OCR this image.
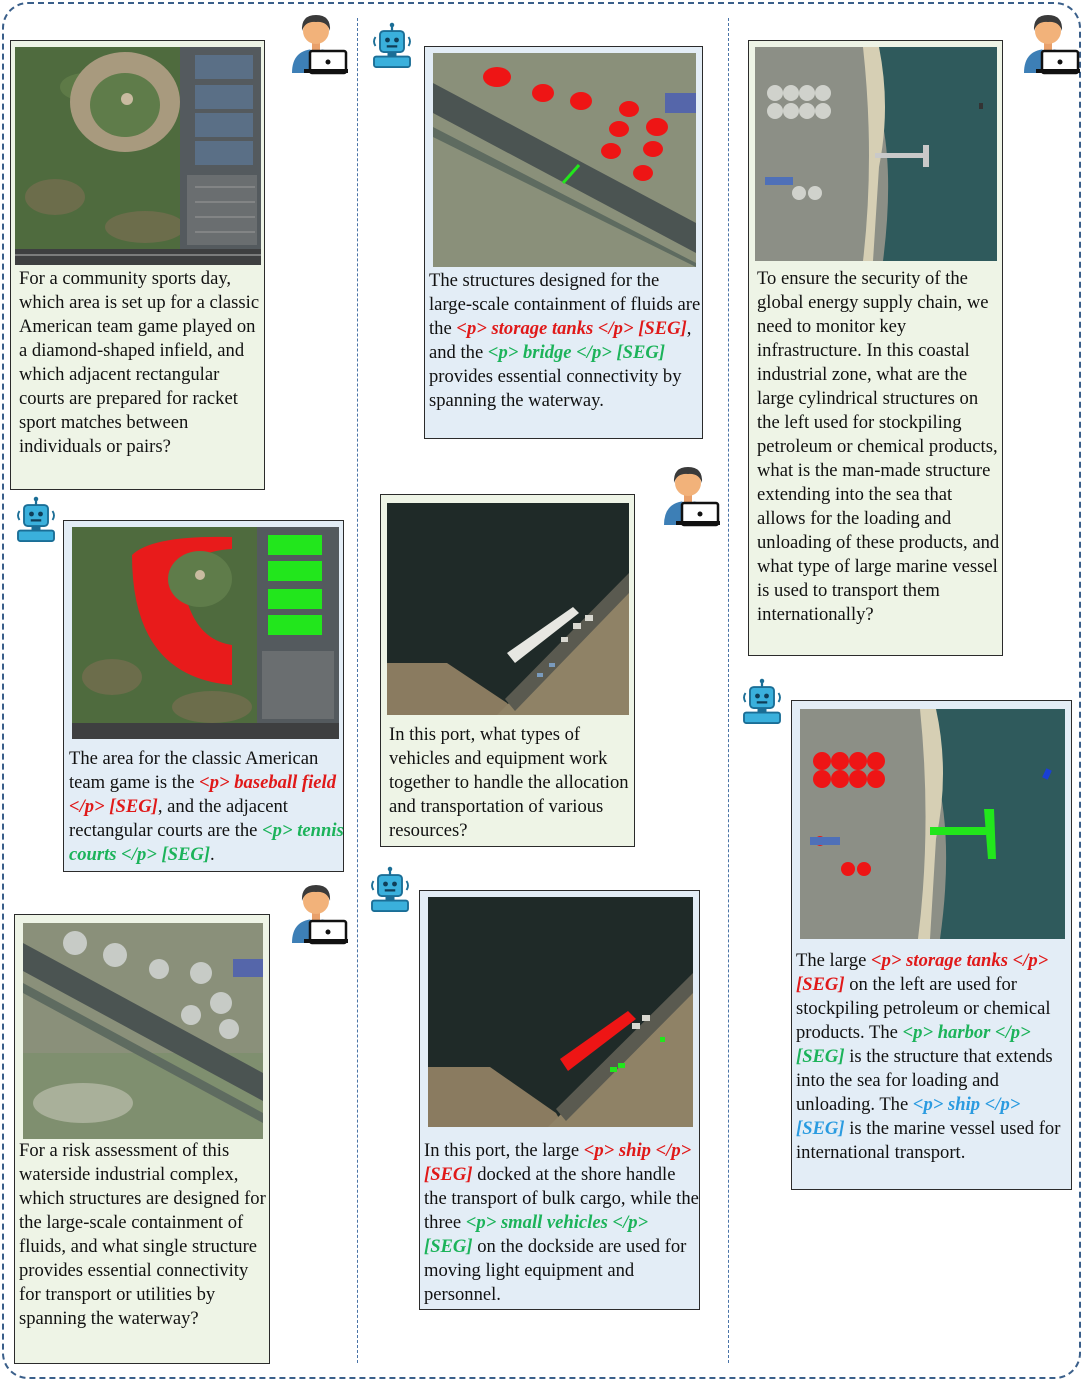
For a community sports day, which area is set up for a classic American team game played on a diamond-shaped infield, and which adjacent rectangular courts are prepared for racket sport matches between individuals or pairs?
The area for the classic American team game is the <p> baseball field </p> [SEG], and the adjacent rectangular courts are the <p> tennis courts </p> [SEG].
For a risk assessment of this waterside industrial complex, which structures are designed for the large-scale containment of fluids, and what single structure provides essential connectivity for transport or utilities by spanning the waterway?
The structures designed for the large-scale containment of fluids are the <p> storage tanks </p> [SEG], and the <p> bridge </p> [SEG] provides essential connectivity by spanning the waterway.
In this port, what types of vehicles and equipment work together to handle the allocation and transportation of various resources?
In this port, the large <p> ship </p> [SEG] docked at the shore handle the transport of bulk cargo, while the three <p> small vehicles </p> [SEG] on the dockside are used for moving light equipment and personnel.
To ensure the security of the global energy supply chain, we need to monitor key infrastructure. In this coastal industrial zone, what are the large cylindrical structures on the left used for stockpiling petroleum or chemical products, what is the man-made structure extending into the sea that allows for the loading and unloading of these products, and what type of large marine vessel is used to transport them internationally?
The large <p> storage tanks </p> [SEG] on the left are used for stockpiling petroleum or chemical products. The <p> harbor </p> [SEG] is the structure that extends into the sea for loading and unloading. The <p> ship </p> [SEG] is the marine vessel used for international transport.
